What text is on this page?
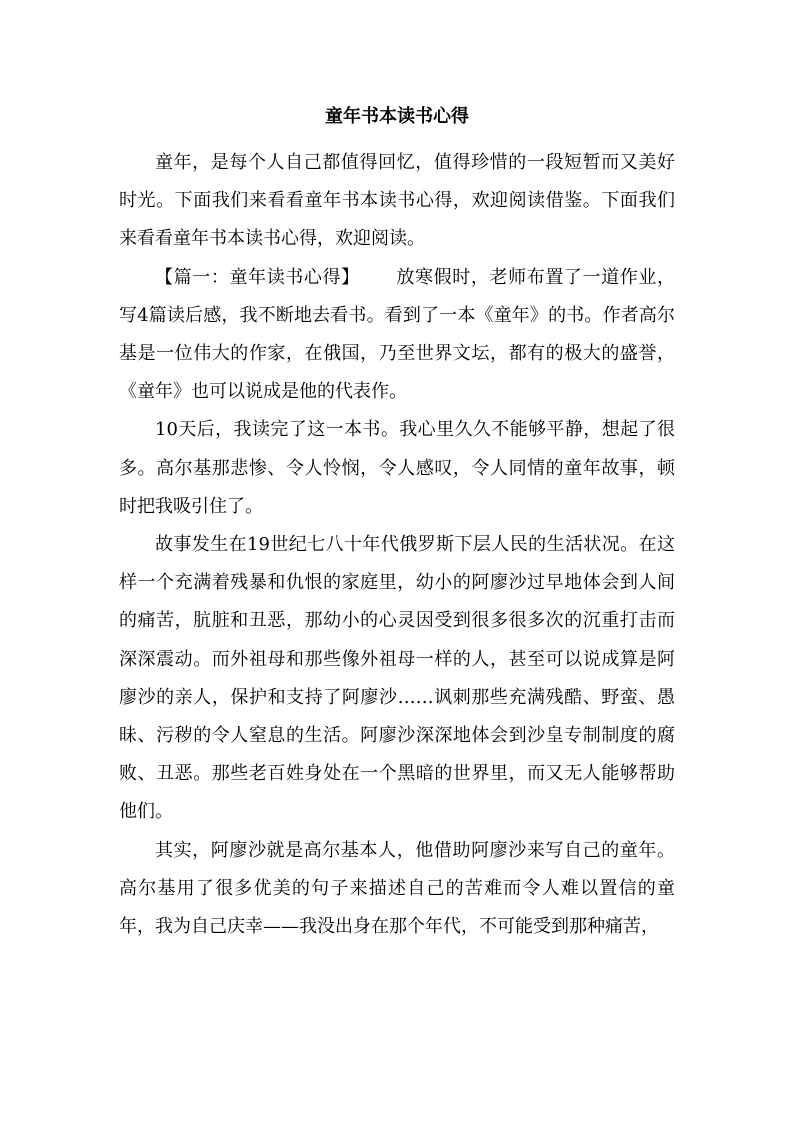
童年书本读书心得

童年，是每个人自己都值得回忆，值得珍惜的一段短暂而又美好时光。下面我们来看看童年书本读书心得，欢迎阅读借鉴。下面我们来看看童年书本读书心得，欢迎阅读。

【篇一：童年读书心得】   放寒假时，老师布置了一道作业，写4篇读后感，我不断地去看书。看到了一本《童年》的书。作者高尔基是一位伟大的作家，在俄国，乃至世界文坛，都有的极大的盛誉，《童年》也可以说成是他的代表作。

10天后，我读完了这一本书。我心里久久不能够平静，想起了很多。高尔基那悲惨、令人怜悯，令人感叹，令人同情的童年故事，顿时把我吸引住了。

故事发生在19世纪七八十年代俄罗斯下层人民的生活状况。在这样一个充满着残暴和仇恨的家庭里，幼小的阿廖沙过早地体会到人间的痛苦，肮脏和丑恶，那幼小的心灵因受到很多很多次的沉重打击而深深震动。而外祖母和那些像外祖母一样的人，甚至可以说成算是阿廖沙的亲人，保护和支持了阿廖沙……讽刺那些充满残酷、野蛮、愚昧、污秽的令人窒息的生活。阿廖沙深深地体会到沙皇专制制度的腐败、丑恶。那些老百姓身处在一个黑暗的世界里，而又无人能够帮助他们。

其实，阿廖沙就是高尔基本人，他借助阿廖沙来写自己的童年。高尔基用了很多优美的句子来描述自己的苦难而令人难以置信的童年，我为自己庆幸——我没出身在那个年代，不可能受到那种痛苦，
